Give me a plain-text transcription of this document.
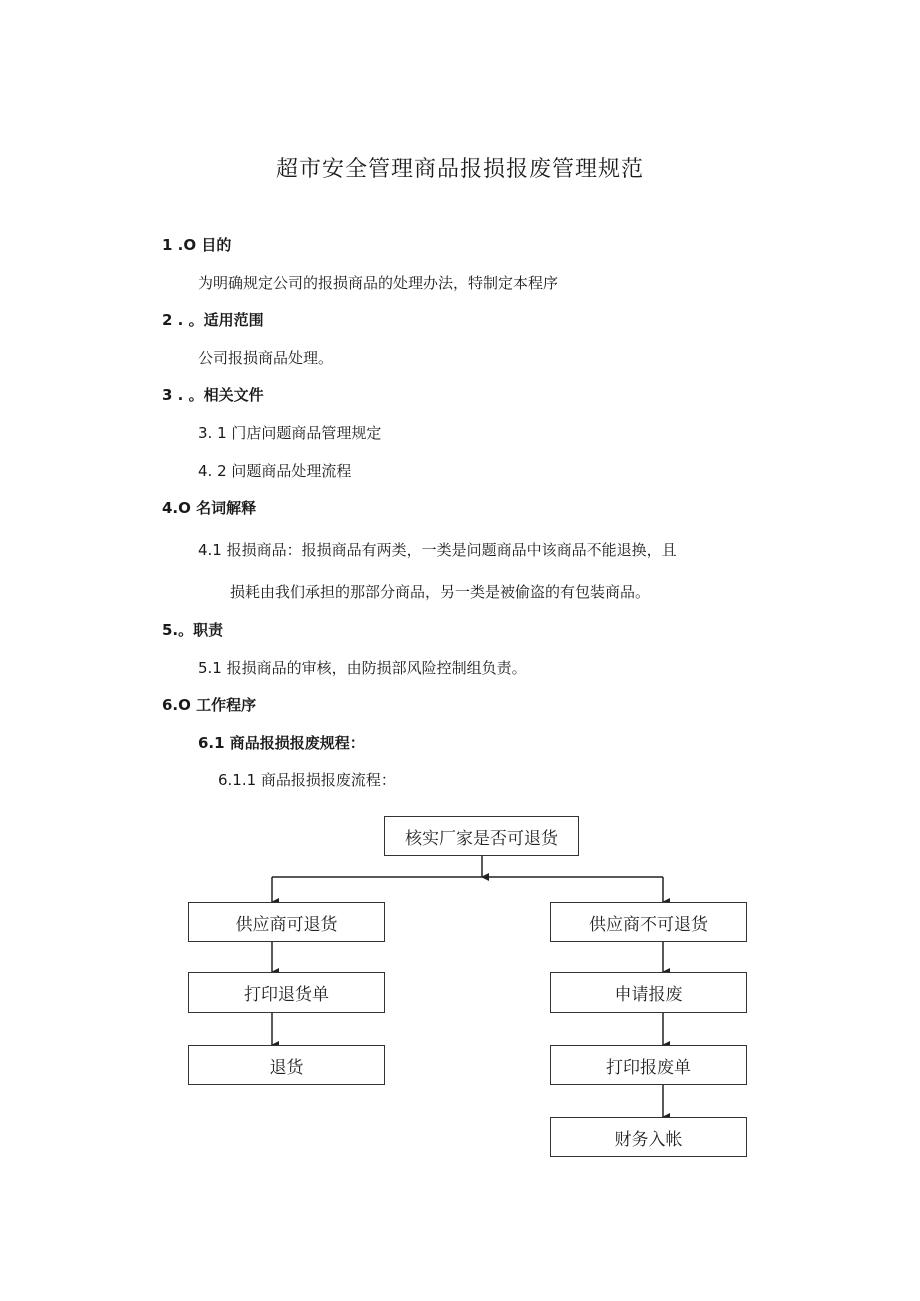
超市安全管理商品报损报废管理规范
1 .O 目的
为明确规定公司的报损商品的处理办法，特制定本程序
2 . 。适用范围
公司报损商品处理。
3 . 。相关文件
3. 1 门店问题商品管理规定
4. 2 问题商品处理流程
4.O 名词解释
4.1 报损商品：报损商品有两类，一类是问题商品中该商品不能退换，且
损耗由我们承担的那部分商品，另一类是被偷盗的有包装商品。
5.。职责
5.1 报损商品的审核，由防损部风险控制组负责。
6.O 工作程序
6.1 商品报损报废规程：
6.1.1 商品报损报废流程：
核实厂家是否可退货
供应商可退货
打印退货单
退货
供应商不可退货
申请报废
打印报废单
财务入帐
